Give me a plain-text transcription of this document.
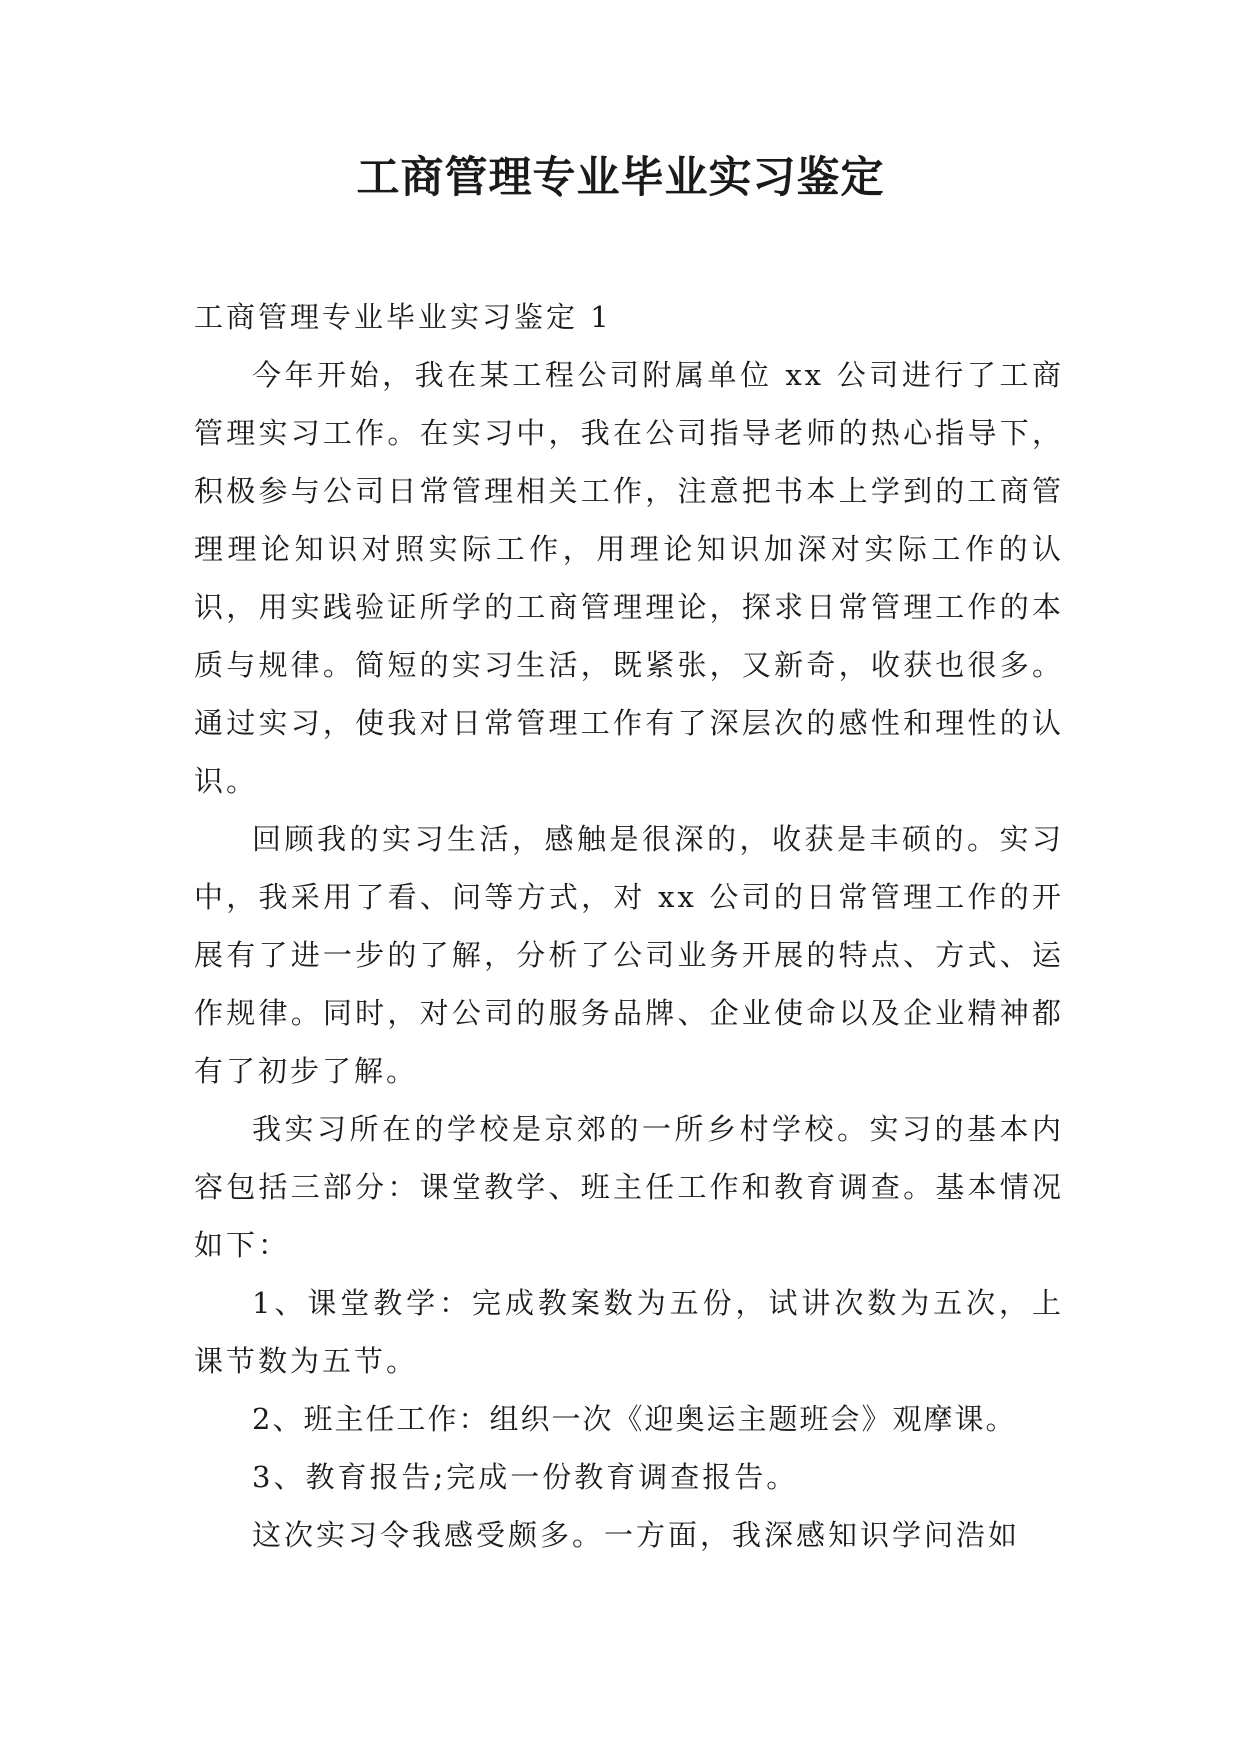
工商管理专业毕业实习鉴定

工商管理专业毕业实习鉴定 1

今年开始，我在某工程公司附属单位 xx 公司进行了工商管理实习工作。在实习中，我在公司指导老师的热心指导下，积极参与公司日常管理相关工作，注意把书本上学到的工商管理理论知识对照实际工作，用理论知识加深对实际工作的认识，用实践验证所学的工商管理理论，探求日常管理工作的本质与规律。简短的实习生活，既紧张，又新奇，收获也很多。通过实习，使我对日常管理工作有了深层次的感性和理性的认识。

回顾我的实习生活，感触是很深的，收获是丰硕的。实习中，我采用了看、问等方式，对 xx 公司的日常管理工作的开展有了进一步的了解，分析了公司业务开展的特点、方式、运作规律。同时，对公司的服务品牌、企业使命以及企业精神都有了初步了解。

我实习所在的学校是京郊的一所乡村学校。实习的基本内容包括三部分：课堂教学、班主任工作和教育调查。基本情况如下：

1、课堂教学：完成教案数为五份，试讲次数为五次，上课节数为五节。

2、班主任工作：组织一次《迎奥运主题班会》观摩课。

3、教育报告;完成一份教育调查报告。

这次实习令我感受颇多。一方面，我深感知识学问浩如
